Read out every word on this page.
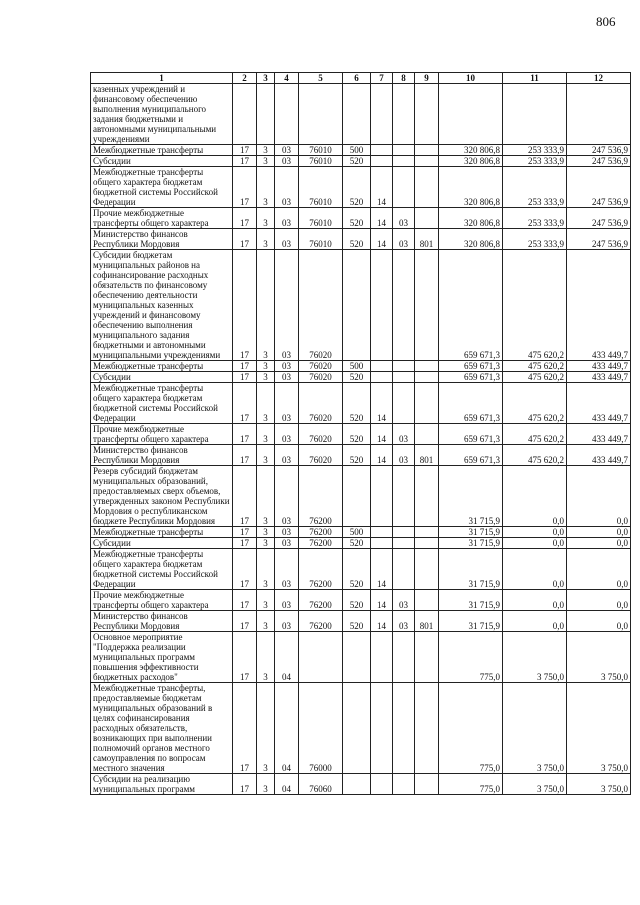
806
1	2	3	4	5	6	7	8	9	10	11	12
казенных учреждений и финансовому обеспечению выполнения муниципального задания бюджетными и автономными муниципальными учреждениями											
Межбюджетные трансферты	17	3	03	76010	500				320 806,8	253 333,9	247 536,9
Субсидии	17	3	03	76010	520				320 806,8	253 333,9	247 536,9
Межбюджетные трансферты общего характера бюджетам бюджетной системы Российской Федерации	17	3	03	76010	520	14			320 806,8	253 333,9	247 536,9
Прочие межбюджетные трансферты общего характера	17	3	03	76010	520	14	03		320 806,8	253 333,9	247 536,9
Министерство финансов Республики Мордовия	17	3	03	76010	520	14	03	801	320 806,8	253 333,9	247 536,9
Субсидии бюджетам муниципальных районов на софинансирование расходных обязательств по финансовому обеспечению деятельности муниципальных казенных учреждений и финансовому обеспечению выполнения муниципального задания бюджетными и автономными муниципальными учреждениями	17	3	03	76020					659 671,3	475 620,2	433 449,7
Межбюджетные трансферты	17	3	03	76020	500				659 671,3	475 620,2	433 449,7
Субсидии	17	3	03	76020	520				659 671,3	475 620,2	433 449,7
Межбюджетные трансферты общего характера бюджетам бюджетной системы Российской Федерации	17	3	03	76020	520	14			659 671,3	475 620,2	433 449,7
Прочие межбюджетные трансферты общего характера	17	3	03	76020	520	14	03		659 671,3	475 620,2	433 449,7
Министерство финансов Республики Мордовия	17	3	03	76020	520	14	03	801	659 671,3	475 620,2	433 449,7
Резерв субсидий бюджетам муниципальных образований, предоставляемых сверх объемов, утвержденных законом Республики Мордовия о республиканском бюджете Республики Мордовия	17	3	03	76200					31 715,9	0,0	0,0
Межбюджетные трансферты	17	3	03	76200	500				31 715,9	0,0	0,0
Субсидии	17	3	03	76200	520				31 715,9	0,0	0,0
Межбюджетные трансферты общего характера бюджетам бюджетной системы Российской Федерации	17	3	03	76200	520	14			31 715,9	0,0	0,0
Прочие межбюджетные трансферты общего характера	17	3	03	76200	520	14	03		31 715,9	0,0	0,0
Министерство финансов Республики Мордовия	17	3	03	76200	520	14	03	801	31 715,9	0,0	0,0
Основное мероприятие "Поддержка реализации муниципальных программ повышения эффективности бюджетных расходов"	17	3	04						775,0	3 750,0	3 750,0
Межбюджетные трансферты, предоставляемые бюджетам муниципальных образований в целях софинансирования расходных обязательств, возникающих при выполнении полномочий органов местного самоуправления по вопросам местного значения	17	3	04	76000					775,0	3 750,0	3 750,0
Субсидии на реализацию муниципальных программ	17	3	04	76060					775,0	3 750,0	3 750,0
